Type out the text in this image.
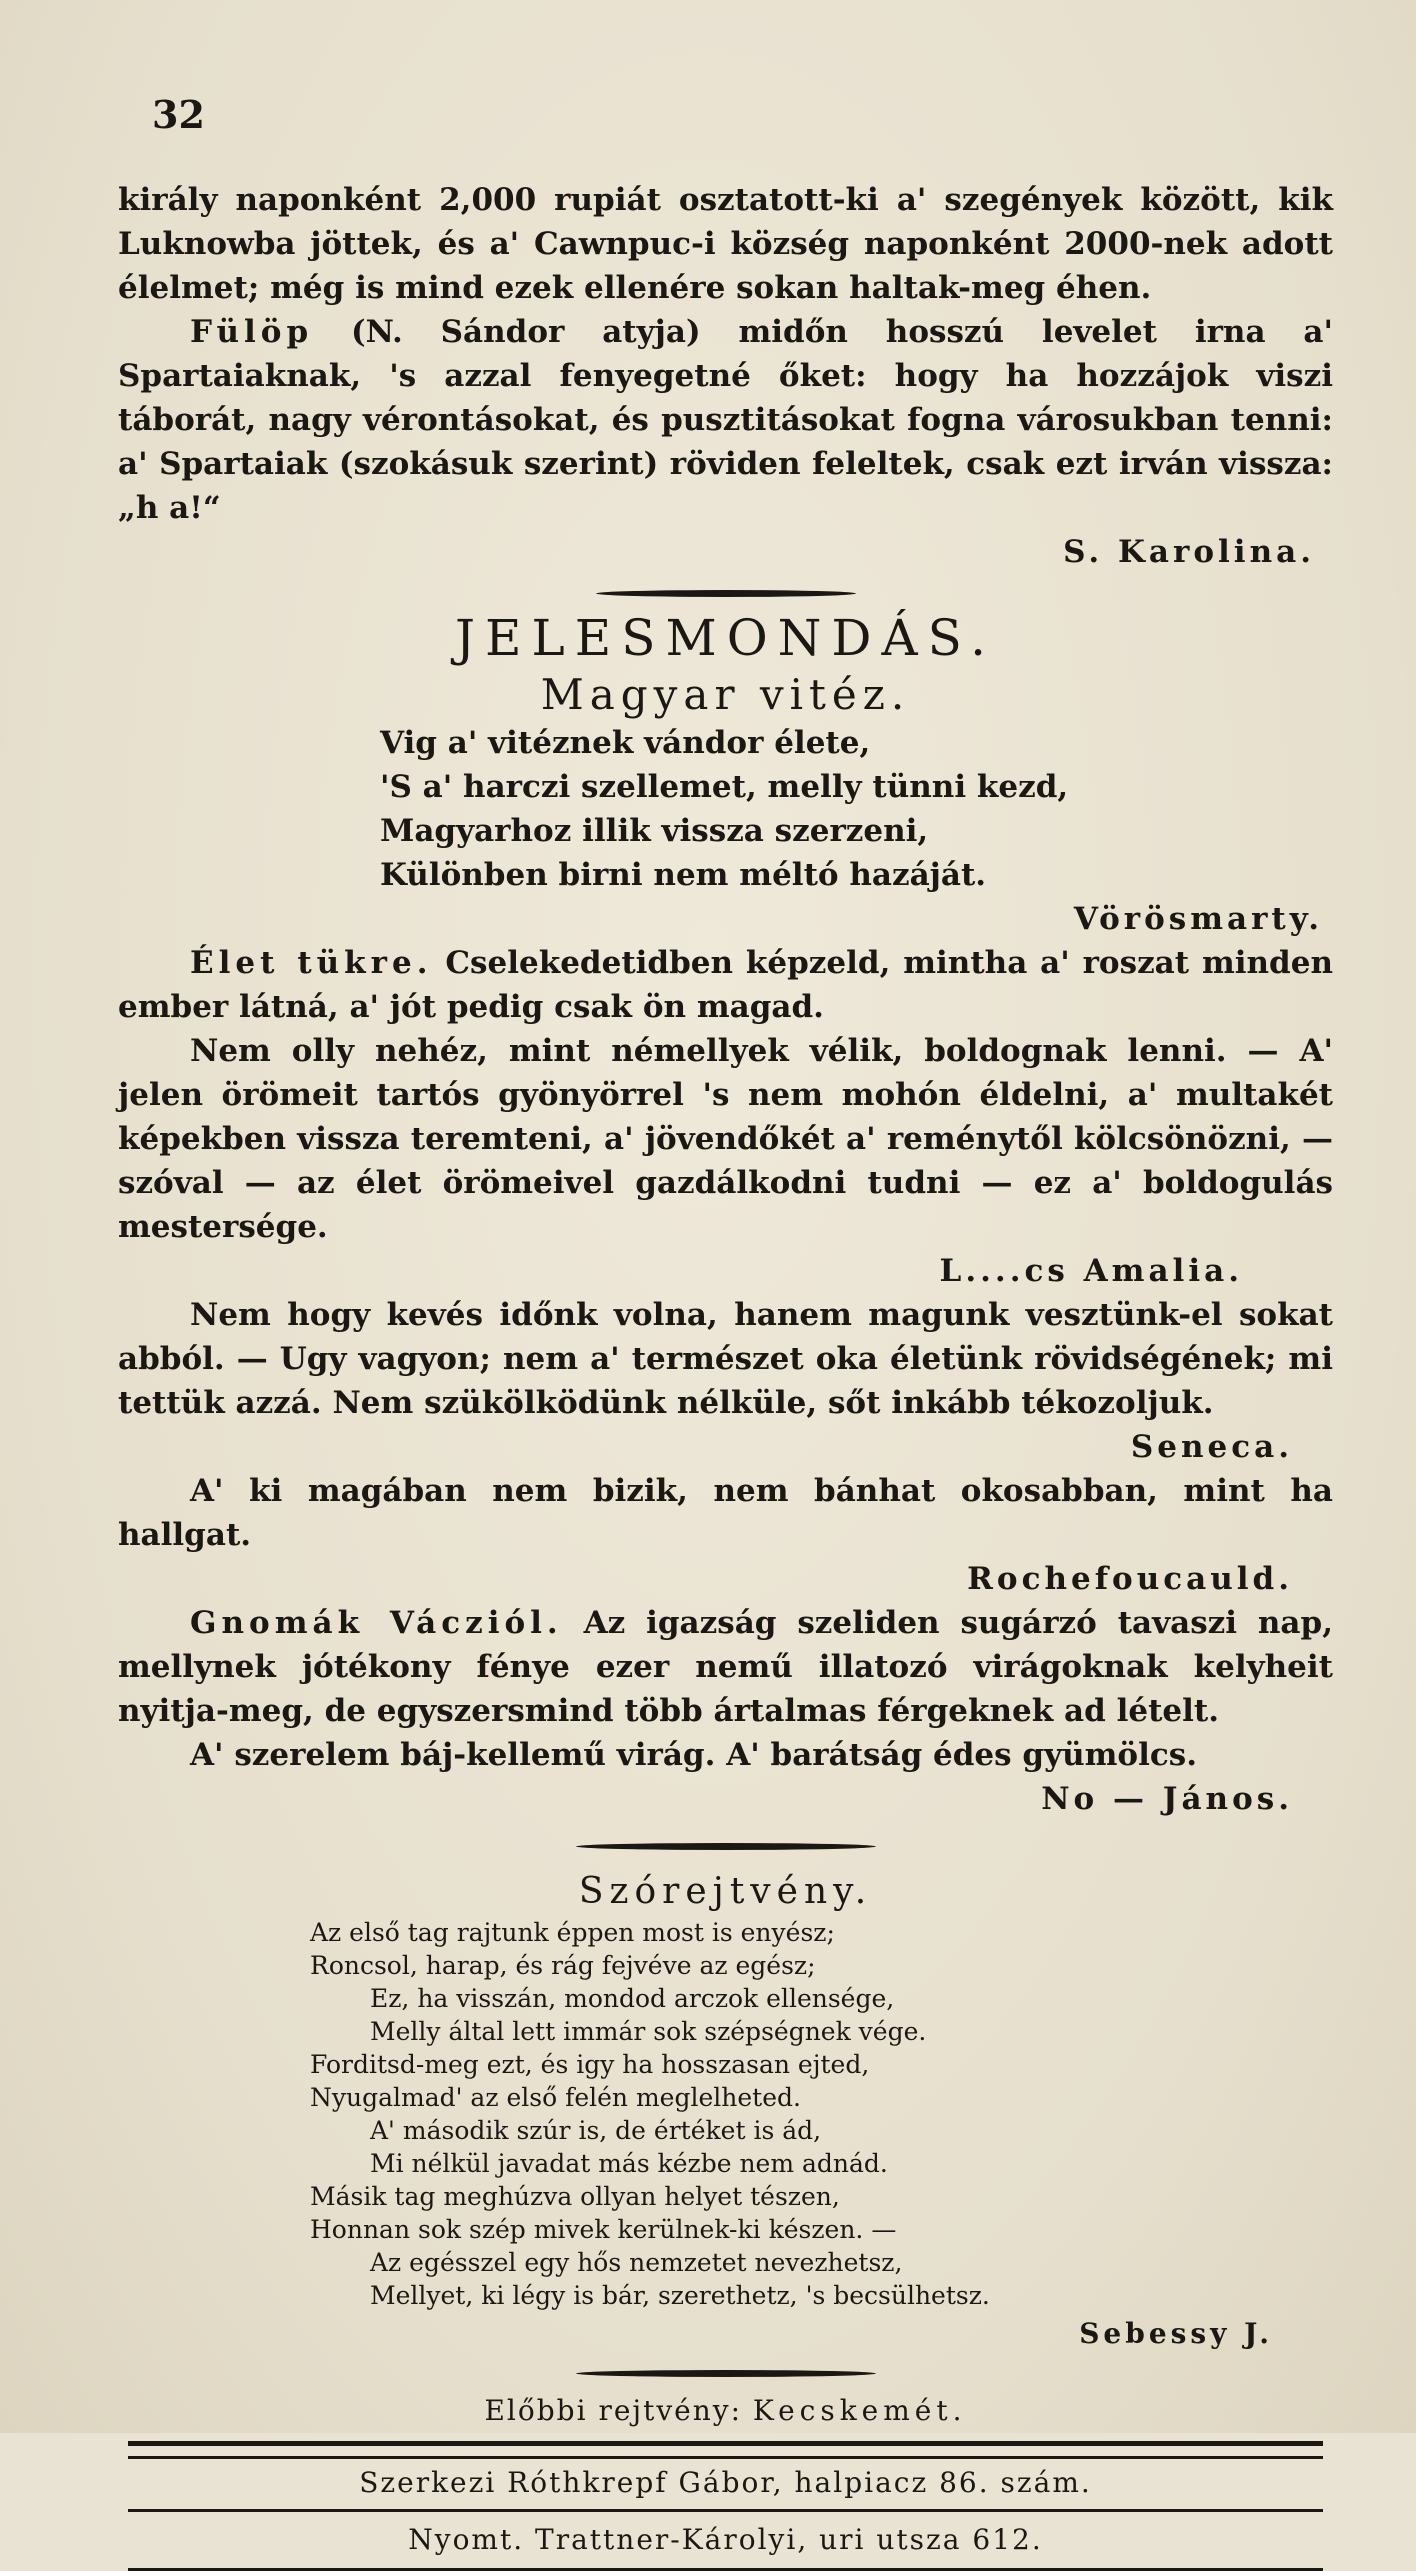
32

király naponként 2,000 rupiát osztatott-ki a' szegények között, kik Luknowba jöttek, és a' Cawnpuc-i község naponként 2000-nek adott élelmet; még is mind ezek ellenére sokan haltak-meg éhen.

Fülöp (N. Sándor atyja) midőn hosszú levelet irna a' Spartaiaknak, 's azzal fenyegetné őket: hogy ha hozzájok viszi táborát, nagy vérontásokat, és pusztitásokat fogna városukban tenni: a' Spartaiak (szokásuk szerint) röviden feleltek, csak ezt irván vissza: „h a!“

S. Karolina.

JELESMONDÁS.

Magyar vitéz.

Vig a' vitéznek vándor élete,
'S a' harczi szellemet, melly tünni kezd,
Magyarhoz illik vissza szerzeni,
Különben birni nem méltó hazáját.

Vörösmarty.

Élet tükre. Cselekedetidben képzeld, mintha a' roszat minden ember látná, a' jót pedig csak ön magad.

Nem olly nehéz, mint némellyek vélik, boldognak lenni. — A' jelen örömeit tartós gyönyörrel 's nem mohón éldelni, a' multakét képekben vissza teremteni, a' jövendőkét a' reménytől kölcsönözni, — szóval — az élet örömeivel gazdálkodni tudni — ez a' boldogulás mestersége.

L....cs Amalia.

Nem hogy kevés időnk volna, hanem magunk vesztünk-el sokat abból. — Ugy vagyon; nem a' természet oka életünk rövidségének; mi tettük azzá. Nem szükölködünk nélküle, sőt inkább tékozoljuk.

Seneca.

A' ki magában nem bizik, nem bánhat okosabban, mint ha hallgat.

Rochefoucauld.

Gnomák Vácziól. Az igazság szeliden sugárzó tavaszi nap, mellynek jótékony fénye ezer nemű illatozó virágoknak kelyheit nyitja-meg, de egyszersmind több ártalmas férgeknek ad lételt.

A' szerelem báj-kellemű virág. A' barátság édes gyümölcs.

No — János.

Szórejtvény.

Az első tag rajtunk éppen most is enyész;
Roncsol, harap, és rág fejvéve az egész;
Ez, ha visszán, mondod arczok ellensége,
Melly által lett immár sok szépségnek vége.
Forditsd-meg ezt, és igy ha hosszasan ejted,
Nyugalmad' az első felén meglelheted.
A' második szúr is, de értéket is ád,
Mi nélkül javadat más kézbe nem adnád.
Másik tag meghúzva ollyan helyet tészen,
Honnan sok szép mivek kerülnek-ki készen. —
Az egésszel egy hős nemzetet nevezhetsz,
Mellyet, ki légy is bár, szerethetz, 's becsülhetsz.

Sebessy J.

Előbbi rejtvény: Kecskemét.

Szerkezi Róthkrepf Gábor, halpiacz 86. szám.

Nyomt. Trattner-Károlyi, uri utsza 612.
